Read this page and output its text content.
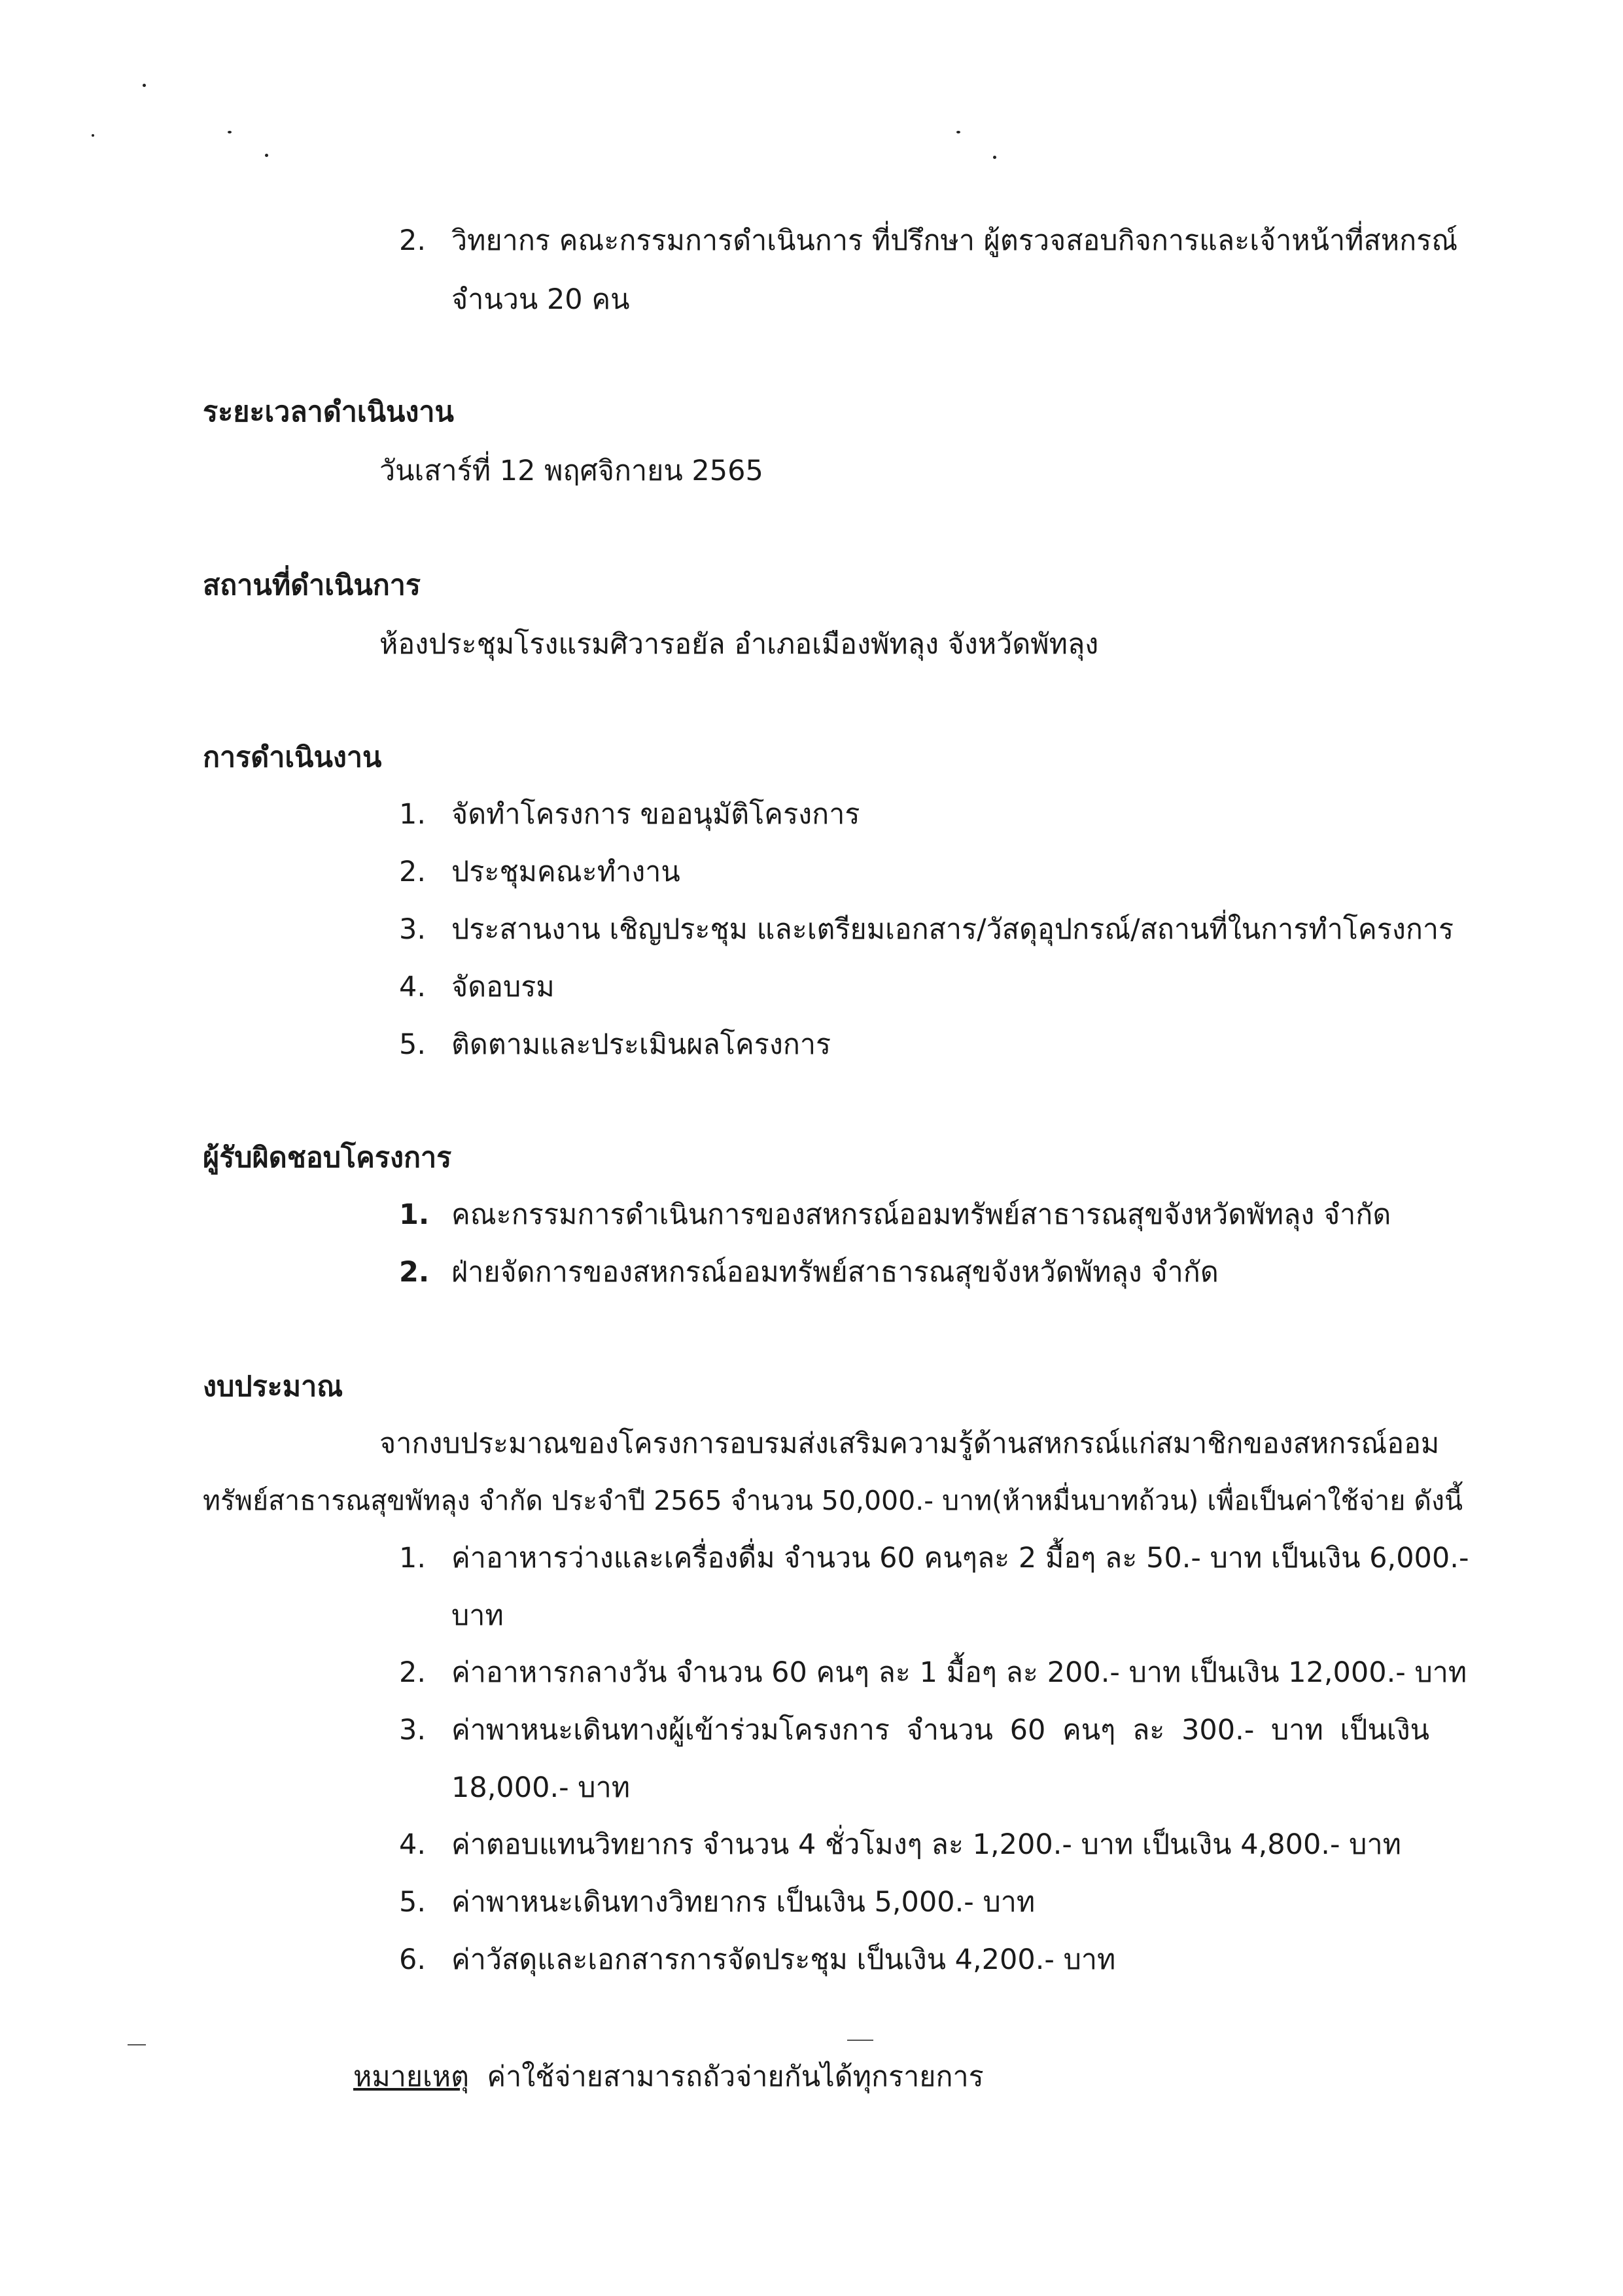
2. วิทยากร คณะกรรมการดำเนินการ ที่ปรึกษา ผู้ตรวจสอบกิจการและเจ้าหน้าที่สหกรณ์
จำนวน 20 คน
ระยะเวลาดำเนินงาน
วันเสาร์ที่ 12 พฤศจิกายน 2565
สถานที่ดำเนินการ
ห้องประชุมโรงแรมศิวารอยัล อำเภอเมืองพัทลุง จังหวัดพัทลุง
การดำเนินงาน
1. จัดทำโครงการ ขออนุมัติโครงการ
2. ประชุมคณะทำงาน
3. ประสานงาน เชิญประชุม และเตรียมเอกสาร/วัสดุอุปกรณ์/สถานที่ในการทำโครงการ
4. จัดอบรม
5. ติดตามและประเมินผลโครงการ
ผู้รับผิดชอบโครงการ
1. คณะกรรมการดำเนินการของสหกรณ์ออมทรัพย์สาธารณสุขจังหวัดพัทลุง จำกัด
2. ฝ่ายจัดการของสหกรณ์ออมทรัพย์สาธารณสุขจังหวัดพัทลุง จำกัด
งบประมาณ
จากงบประมาณของโครงการอบรมส่งเสริมความรู้ด้านสหกรณ์แก่สมาชิก ของสหกรณ์ออม
ทรัพย์สาธารณสุขพัทลุง จำกัด ประจำปี 2565 จำนวน 50,000.- บาท(ห้าหมื่นบาทถ้วน) เพื่อเป็นค่าใช้จ่าย ดังนี้
1. ค่าอาหารว่างและเครื่องดื่ม จำนวน 60 คนๆละ 2 มื้อๆ ละ 50.- บาท เป็นเงิน 6,000.-
บาท
2. ค่าอาหารกลางวัน จำนวน 60 คนๆ ละ 1 มื้อๆ ละ 200.- บาท เป็นเงิน 12,000.- บาท
3. ค่าพาหนะเดินทางผู้เข้าร่วมโครงการ จำนวน 60 คนๆ ละ 300.- บาท เป็นเงิน
18,000.- บาท
4. ค่าตอบแทนวิทยากร จำนวน 4 ชั่วโมงๆ ละ 1,200.- บาท เป็นเงิน 4,800.- บาท
5. ค่าพาหนะเดินทางวิทยากร เป็นเงิน 5,000.- บาท
6. ค่าวัสดุและเอกสารการจัดประชุม เป็นเงิน 4,200.- บาท
หมายเหตุ ค่าใช้จ่ายสามารถถัวจ่ายกันได้ทุกรายการ
